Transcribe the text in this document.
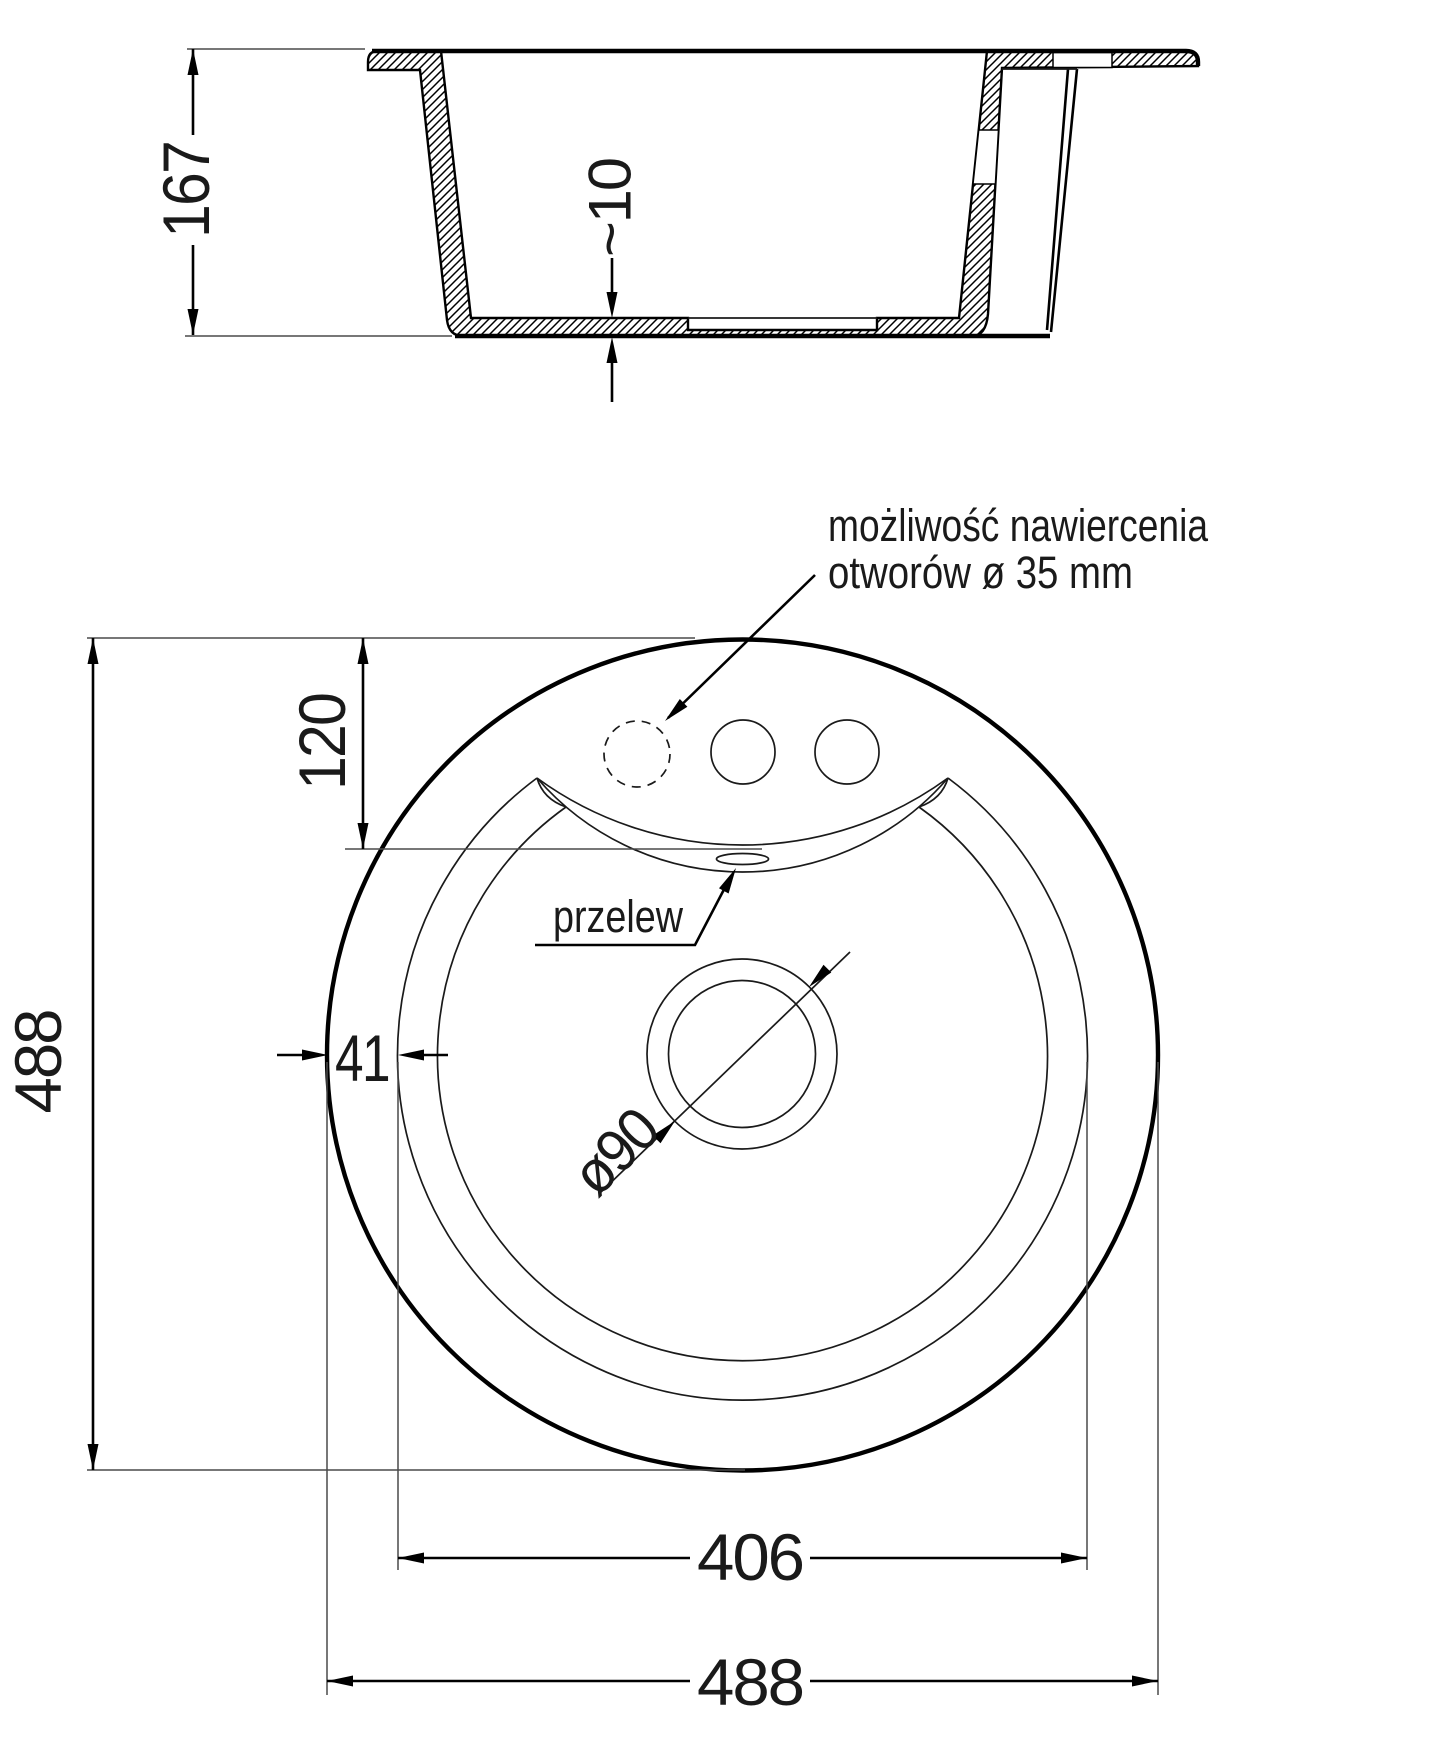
167	~10
ø90
488
120
41
406
488
możliwość nawiercenia
otworów ø 35 mm
przelew
